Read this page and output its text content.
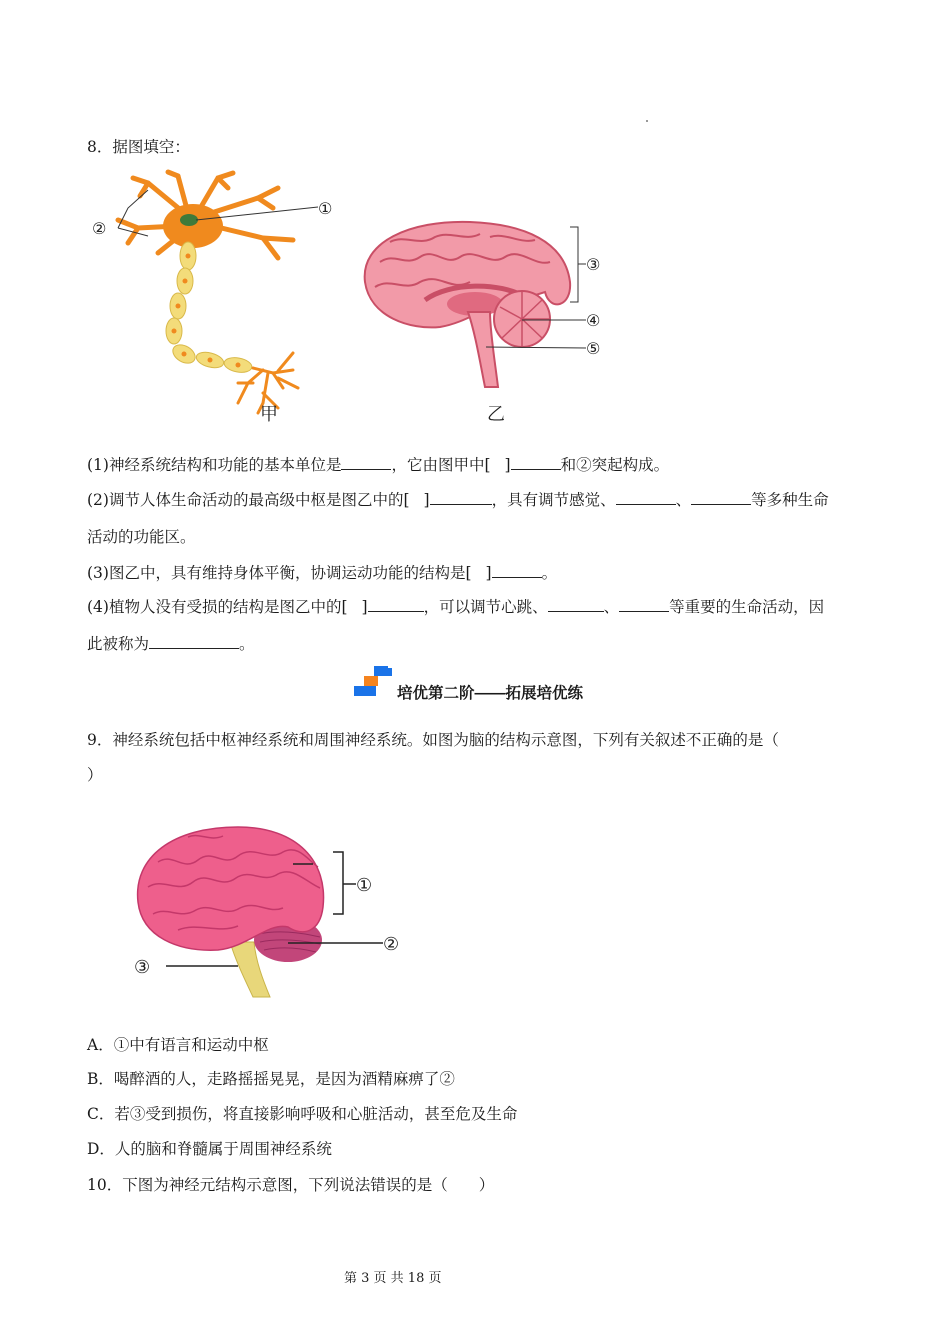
8．据图填空：
①
②
甲
③
④
⑤
乙
(1)神经系统结构和功能的基本单位是	，它由图甲中[ ]	和②突起构成。
(2)调节人体生命活动的最高级中枢是图乙中的[ ]	，具有调节感觉、	、	等多种生命
活动的功能区。
(3)图乙中，具有维持身体平衡，协调运动功能的结构是[ ]	。
(4)植物人没有受损的结构是图乙中的[ ]	，可以调节心跳、	、	等重要的生命活动，因
此被称为	。
培优第二阶——拓展培优练
9．神经系统包括中枢神经系统和周围神经系统。如图为脑的结构示意图，下列有关叙述不正确的是（
）
①
②
③
A．①中有语言和运动中枢
B．喝醉酒的人，走路摇摇晃晃，是因为酒精麻痹了②
C．若③受到损伤，将直接影响呼吸和心脏活动，甚至危及生命
D．人的脑和脊髓属于周围神经系统
10．下图为神经元结构示意图，下列说法错误的是（　　）
第 3 页 共 18 页
